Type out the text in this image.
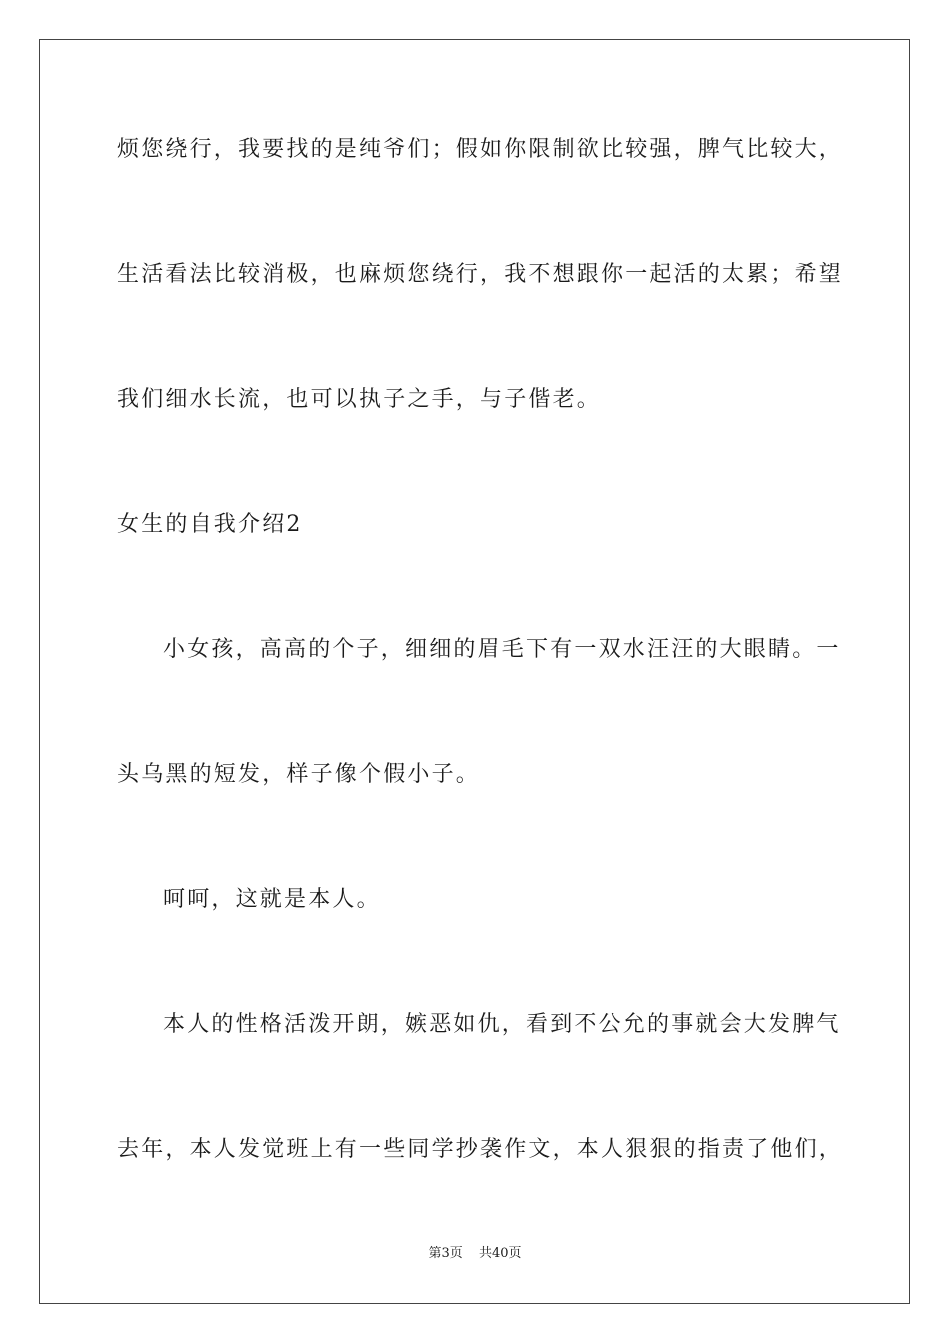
烦您绕行，我要找的是纯爷们；假如你限制欲比较强，脾气比较大，
生活看法比较消极，也麻烦您绕行，我不想跟你一起活的太累；希望
我们细水长流，也可以执子之手，与子偕老。
女生的自我介绍2
小女孩，高高的个子，细细的眉毛下有一双水汪汪的大眼睛。一
头乌黑的短发，样子像个假小子。
呵呵，这就是本人。
本人的性格活泼开朗，嫉恶如仇，看到不公允的事就会大发脾气
去年，本人发觉班上有一些同学抄袭作文，本人狠狠的指责了他们，
第3页 共40页
